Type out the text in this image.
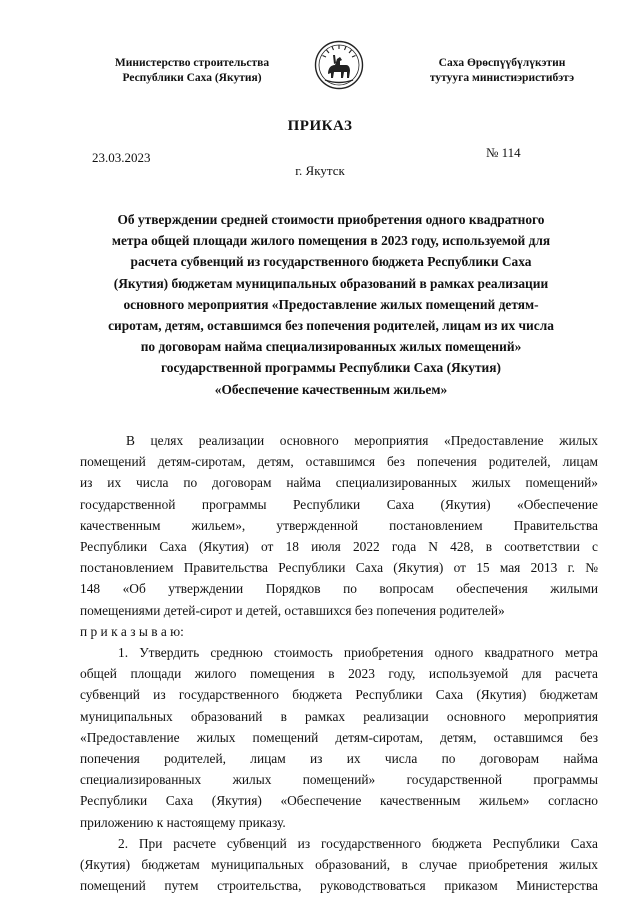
Министерство строительства
Республики Саха (Якутия)
Саха Өрөспүүбүлүкэтин
тутууга министиэристибэтэ
ПРИКАЗ
23.03.2023	№ 114
г. Якутск
Об утверждении средней стоимости приобретения одного квадратного
метра общей площади жилого помещения в 2023 году, используемой для
расчета субвенций из государственного бюджета Республики Саха
(Якутия) бюджетам муниципальных образований в рамках реализации
основного мероприятия «Предоставление жилых помещений детям-
сиротам, детям, оставшимся без попечения родителей, лицам из их числа
по договорам найма специализированных жилых помещений»
государственной программы Республики Саха (Якутия)
«Обеспечение качественным жильем»
В целях реализации основного мероприятия «Предоставление жилых
помещений детям-сиротам, детям, оставшимся без попечения родителей, лицам
из их числа по договорам найма специализированных жилых помещений»
государственной программы Республики Саха (Якутия) «Обеспечение
качественным жильем», утвержденной постановлением Правительства
Республики Саха (Якутия) от 18 июля 2022 года N 428, в соответствии с
постановлением Правительства Республики Саха (Якутия) от 15 мая 2013 г. №
148 «Об утверждении Порядков по вопросам обеспечения жилыми
помещениями детей-сирот и детей, оставшихся без попечения родителей»
п р и к а з ы в а ю:
1. Утвердить среднюю стоимость приобретения одного квадратного метра
общей площади жилого помещения в 2023 году, используемой для расчета
субвенций из государственного бюджета Республики Саха (Якутия) бюджетам
муниципальных образований в рамках реализации основного мероприятия
«Предоставление жилых помещений детям-сиротам, детям, оставшимся без
попечения родителей, лицам из их числа по договорам найма
специализированных жилых помещений» государственной программы
Республики Саха (Якутия) «Обеспечение качественным жильем» согласно
приложению к настоящему приказу.
2. При расчете субвенций из государственного бюджета Республики Саха
(Якутия) бюджетам муниципальных образований, в случае приобретения жилых
помещений путем строительства, руководствоваться приказом Министерства
